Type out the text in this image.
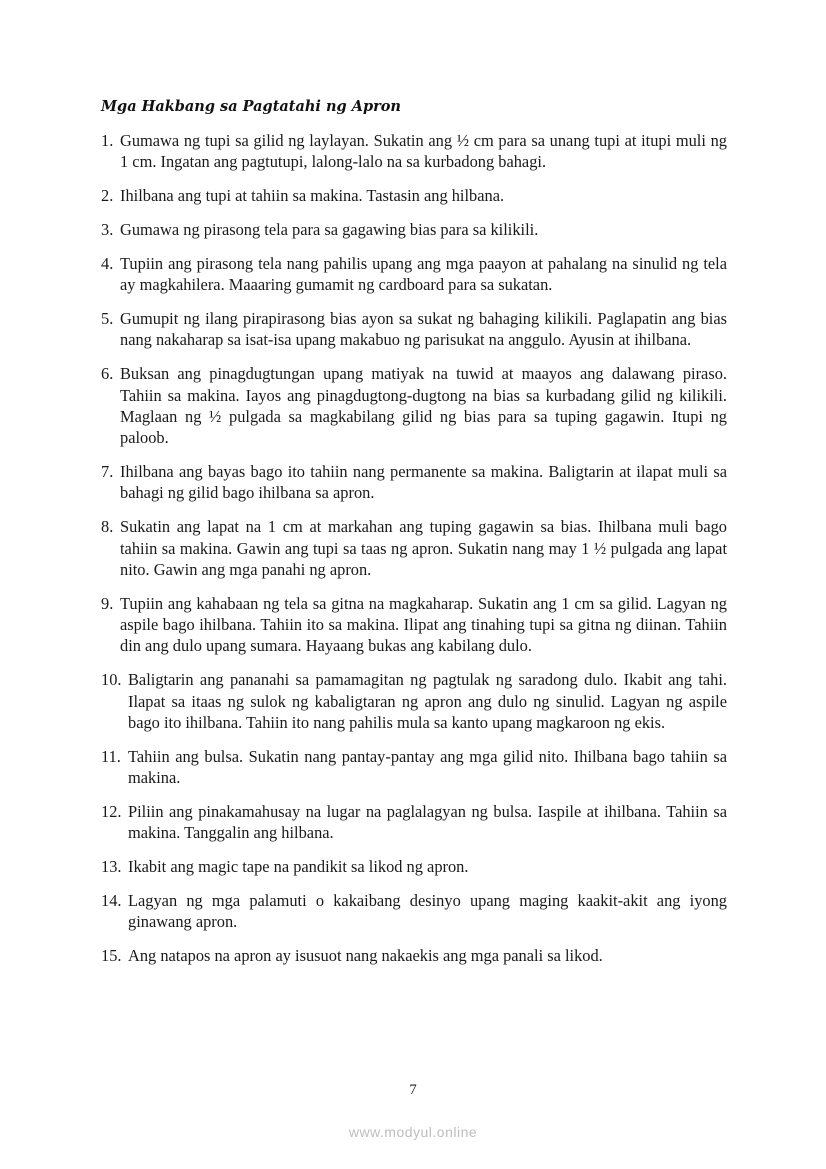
Mga Hakbang sa Pagtatahi ng Apron
1. Gumawa ng tupi sa gilid ng laylayan. Sukatin ang ½ cm para sa unang tupi at itupi muli ng 1 cm. Ingatan ang pagtutupi, lalong-lalo na sa kurbadong bahagi.
2. Ihilbana ang tupi at tahiin sa makina. Tastasin ang hilbana.
3. Gumawa ng pirasong tela para sa gagawing bias para sa kilikili.
4. Tupiin ang pirasong tela nang pahilis upang ang mga paayon at pahalang na sinulid ng tela ay magkahilera. Maaaring gumamit ng cardboard para sa sukatan.
5. Gumupit ng ilang pirapirasong bias ayon sa sukat ng bahaging kilikili. Paglapatin ang bias nang nakaharap sa isat-isa upang makabuo ng parisukat na anggulo. Ayusin at ihilbana.
6. Buksan ang pinagdugtungan upang matiyak na tuwid at maayos ang dalawang piraso. Tahiin sa makina. Iayos ang pinagdugtong-dugtong na bias sa kurbadang gilid ng kilikili. Maglaan ng ½ pulgada sa magkabilang gilid ng bias para sa tuping gagawin. Itupi ng paloob.
7. Ihilbana ang bayas bago ito tahiin nang permanente sa makina. Baligtarin at ilapat muli sa bahagi ng gilid bago ihilbana sa apron.
8. Sukatin ang lapat na 1 cm at markahan ang tuping gagawin sa bias. Ihilbana muli bago tahiin sa makina. Gawin ang tupi sa taas ng apron. Sukatin nang may 1 ½ pulgada ang lapat nito. Gawin ang mga panahi ng apron.
9. Tupiin ang kahabaan ng tela sa gitna na magkaharap. Sukatin ang 1 cm sa gilid. Lagyan ng aspile bago ihilbana. Tahiin ito sa makina. Ilipat ang tinahing tupi sa gitna ng diinan. Tahiin din ang dulo upang sumara. Hayaang bukas ang kabilang dulo.
10. Baligtarin ang pananahi sa pamamagitan ng pagtulak ng saradong dulo. Ikabit ang tahi. Ilapat sa itaas ng sulok ng kabaligtaran ng apron ang dulo ng sinulid. Lagyan ng aspile bago ito ihilbana. Tahiin ito nang pahilis mula sa kanto upang magkaroon ng ekis.
11. Tahiin ang bulsa. Sukatin nang pantay-pantay ang mga gilid nito. Ihilbana bago tahiin sa makina.
12. Piliin ang pinakamahusay na lugar na paglalagyan ng bulsa. Iaspile at ihilbana. Tahiin sa makina. Tanggalin ang hilbana.
13. Ikabit ang magic tape na pandikit sa likod ng apron.
14. Lagyan ng mga palamuti o kakaibang desinyo upang maging kaakit-akit ang iyong ginawang apron.
15. Ang natapos na apron ay isusuot nang nakaekis ang mga panali sa likod.
7
www.modyul.online
